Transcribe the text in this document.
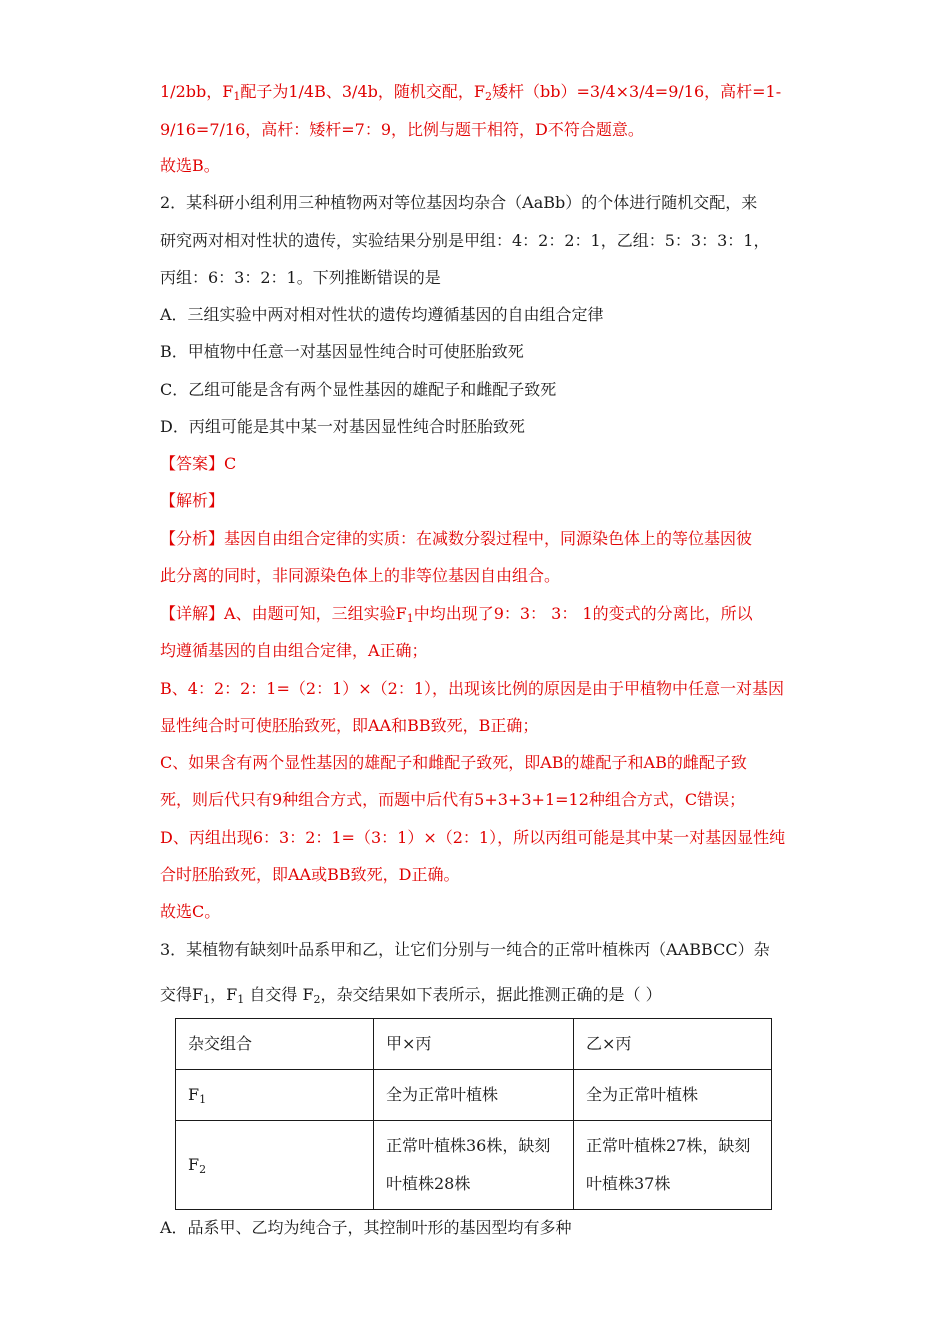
1/2bb，$F_1$配子为1/4B、3/4b，随机交配，$F_2$矮杆（bb）=3/4×3/4=9/16，高杆=1-
9/16=7/16，高杆：矮杆=7：9，比例与题干相符，D不符合题意。
故选B。
2．某科研小组利用三种植物两对等位基因均杂合（AaBb）的个体进行随机交配，来
研究两对相对性状的遗传，实验结果分别是甲组：4：2：2：1，乙组：5：3：3：1，
丙组：6：3：2：1。下列推断错误的是
A．三组实验中两对相对性状的遗传均遵循基因的自由组合定律
B．甲植物中任意一对基因显性纯合时可使胚胎致死
C．乙组可能是含有两个显性基因的雄配子和雌配子致死
D．丙组可能是其中某一对基因显性纯合时胚胎致死
【答案】C
【解析】
【分析】基因自由组合定律的实质：在减数分裂过程中，同源染色体上的等位基因彼
此分离的同时，非同源染色体上的非等位基因自由组合。
【详解】A、由题可知，三组实验$F_1$中均出现了9：3： 3： 1的变式的分离比，所以
均遵循基因的自由组合定律，A正确；
B、4：2：2：1=（2：1）×（2：1），出现该比例的原因是由于甲植物中任意一对基因
显性纯合时可使胚胎致死，即AA和BB致死，B正确；
C、如果含有两个显性基因的雄配子和雌配子致死，即AB的雄配子和AB的雌配子致
死，则后代只有9种组合方式，而题中后代有5+3+3+1=12种组合方式，C错误；
D、丙组出现6：3：2：1=（3：1）×（2：1），所以丙组可能是其中某一对基因显性纯
合时胚胎致死，即AA或BB致死，D正确。
故选C。
3．某植物有缺刻叶品系甲和乙，让它们分别与一纯合的正常叶植株丙（AABBCC）杂
交得$F_1$，$F_1$ 自交得 $F_2$，杂交结果如下表所示，据此推测正确的是（ ）
杂交组合	甲×丙	乙×丙
$F_1$	全为正常叶植株	全为正常叶植株
$F_2$	正常叶植株36株，缺刻叶植株28株	正常叶植株27株，缺刻叶植株37株
A．品系甲、乙均为纯合子，其控制叶形的基因型均有多种
